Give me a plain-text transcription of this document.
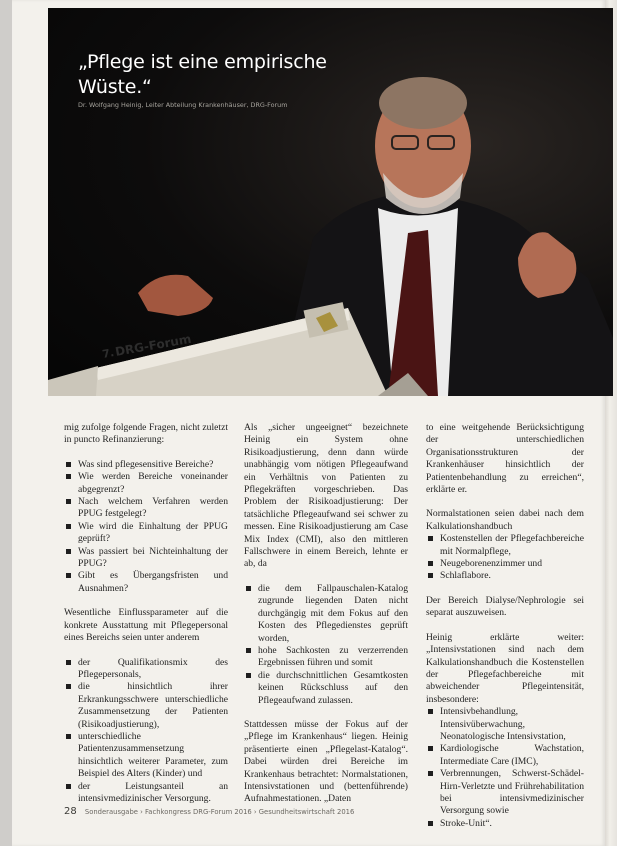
7.
DRG-Forum
„Pflege ist eine empirische Wüste.“
Dr. Wolfgang Heinig, Leiter Abteilung Krankenhäuser, DRG-Forum

mig zufolge folgende Fragen, nicht zuletzt in puncto Refinanzierung:

Was sind pflegesensitive Bereiche?
Wie werden Bereiche voneinander abgegrenzt?
Nach welchem Verfahren werden PPUG festgelegt?
Wie wird die Einhaltung der PPUG geprüft?
Was passiert bei Nichteinhaltung der PPUG?
Gibt es Übergangsfristen und Ausnahmen?

Wesentliche Einflussparameter auf die konkrete Ausstattung mit Pflegepersonal eines Bereichs seien unter anderem

der Qualifikationsmix des Pflegepersonals,
die hinsichtlich ihrer Erkrankungsschwere unterschiedliche Zusammensetzung der Patienten (Risikoadjustierung),
unterschiedliche Patientenzusammensetzung hinsichtlich weiterer Parameter, zum Beispiel des Alters (Kinder) und
der Leistungsanteil an intensivmedizinischer Versorgung.

Als „sicher ungeeignet“ bezeichnete Heinig ein System ohne Risikoadjustierung, denn dann würde unabhängig vom nötigen Pflegeaufwand ein Verhältnis von Patienten zu Pflegekräften vorgeschrieben. Das Problem der Risikoadjustierung: Der tatsächliche Pflegeaufwand sei schwer zu messen. Eine Risikoadjustierung am Case Mix Index (CMI), also den mittleren Fallschwere in einem Bereich, lehnte er ab, da

die dem Fallpauschalen-Katalog zugrunde liegenden Daten nicht durchgängig mit dem Fokus auf den Kosten des Pflegedienstes geprüft worden,
hohe Sachkosten zu verzerrenden Ergebnissen führen und somit
die durchschnittlichen Gesamtkosten keinen Rückschluss auf den Pflegeaufwand zulassen.

Stattdessen müsse der Fokus auf der „Pflege im Krankenhaus“ liegen. Heinig präsentierte einen „Pflegelast-Katalog“. Dabei würden drei Bereiche im Krankenhaus betrachtet: Normalstationen, Intensivstationen und (bettenführende) Aufnahmestationen. „Daten

to eine weitgehende Berücksichtigung der unterschiedlichen Organisationsstrukturen der Krankenhäuser hinsichtlich der Patientenbehandlung zu erreichen“, erklärte er.

Normalstationen seien dabei nach dem Kalkulationshandbuch

Kostenstellen der Pflegefachbereiche mit Normalpflege,
Neugeborenenzimmer und
Schlaflabore.

Der Bereich Dialyse/Nephrologie sei separat auszuweisen.

Heinig erklärte weiter: „Intensivstationen sind nach dem Kalkulationshandbuch die Kostenstellen der Pflegefachbereiche mit abweichender Pflegeintensität, insbesondere:

Intensivbehandlung, Intensivüberwachung, Neonatologische Intensivstation,
Kardiologische Wachstation, Intermediate Care (IMC),
Verbrennungen, Schwerst-Schädel-Hirn-Verletzte und Frührehabilitation bei intensivmedizinischer Versorgung sowie
Stroke-Unit“.
28 Sonderausgabe › Fachkongress DRG-Forum 2016 › Gesundheitswirtschaft 2016
